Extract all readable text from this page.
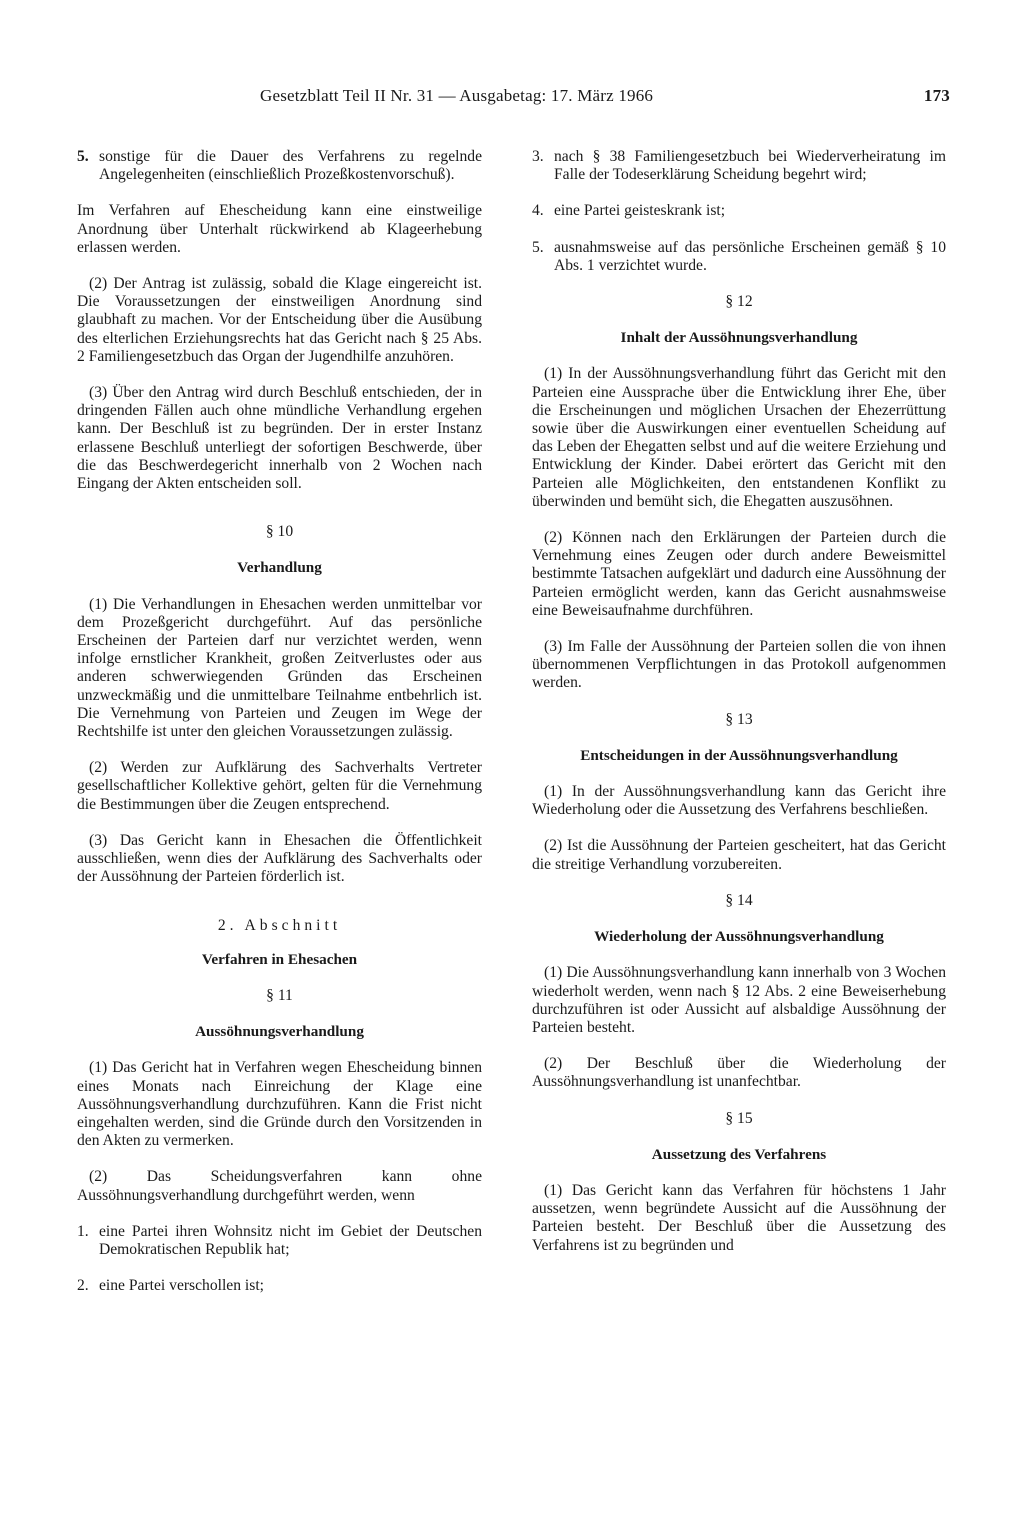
Gesetzblatt Teil II Nr. 31 — Ausgabetag: 17. März 1966	173
5. sonstige für die Dauer des Verfahrens zu regelnde Angelegenheiten (einschließlich Prozeßkostenvorschuß).

Im Verfahren auf Ehescheidung kann eine einstweilige Anordnung über Unterhalt rückwirkend ab Klageerhebung erlassen werden.

(2) Der Antrag ist zulässig, sobald die Klage eingereicht ist. Die Voraussetzungen der einstweiligen Anordnung sind glaubhaft zu machen. Vor der Entscheidung über die Ausübung des elterlichen Erziehungsrechts hat das Gericht nach § 25 Abs. 2 Familiengesetzbuch das Organ der Jugendhilfe anzuhören.

(3) Über den Antrag wird durch Beschluß entschieden, der in dringenden Fällen auch ohne mündliche Verhandlung ergehen kann. Der Beschluß ist zu begründen. Der in erster Instanz erlassene Beschluß unterliegt der sofortigen Beschwerde, über die das Beschwerdegericht innerhalb von 2 Wochen nach Eingang der Akten entscheiden soll.

§ 10
Verhandlung

(1) Die Verhandlungen in Ehesachen werden unmittelbar vor dem Prozeßgericht durchgeführt. Auf das persönliche Erscheinen der Parteien darf nur verzichtet werden, wenn infolge ernstlicher Krankheit, großen Zeitverlustes oder aus anderen schwerwiegenden Gründen das Erscheinen unzweckmäßig und die unmittelbare Teilnahme entbehrlich ist. Die Vernehmung von Parteien und Zeugen im Wege der Rechtshilfe ist unter den gleichen Voraussetzungen zulässig.

(2) Werden zur Aufklärung des Sachverhalts Vertreter gesellschaftlicher Kollektive gehört, gelten für die Vernehmung die Bestimmungen über die Zeugen entsprechend.

(3) Das Gericht kann in Ehesachen die Öffentlichkeit ausschließen, wenn dies der Aufklärung des Sachverhalts oder der Aussöhnung der Parteien förderlich ist.

2. Abschnitt
Verfahren in Ehesachen
§ 11
Aussöhnungsverhandlung

(1) Das Gericht hat in Verfahren wegen Ehescheidung binnen eines Monats nach Einreichung der Klage eine Aussöhnungsverhandlung durchzuführen. Kann die Frist nicht eingehalten werden, sind die Gründe durch den Vorsitzenden in den Akten zu vermerken.

(2) Das Scheidungsverfahren kann ohne Aussöhnungsverhandlung durchgeführt werden, wenn

1. eine Partei ihren Wohnsitz nicht im Gebiet der Deutschen Demokratischen Republik hat;
2. eine Partei verschollen ist;
3. nach § 38 Familiengesetzbuch bei Wiederverheiratung im Falle der Todeserklärung Scheidung begehrt wird;
4. eine Partei geisteskrank ist;
5. ausnahmsweise auf das persönliche Erscheinen gemäß § 10 Abs. 1 verzichtet wurde.
§ 12
Inhalt der Aussöhnungsverhandlung

(1) In der Aussöhnungsverhandlung führt das Gericht mit den Parteien eine Aussprache über die Entwicklung ihrer Ehe, über die Erscheinungen und möglichen Ursachen der Ehezerrüttung sowie über die Auswirkungen einer eventuellen Scheidung auf das Leben der Ehegatten selbst und auf die weitere Erziehung und Entwicklung der Kinder. Dabei erörtert das Gericht mit den Parteien alle Möglichkeiten, den entstandenen Konflikt zu überwinden und bemüht sich, die Ehegatten auszusöhnen.

(2) Können nach den Erklärungen der Parteien durch die Vernehmung eines Zeugen oder durch andere Beweismittel bestimmte Tatsachen aufgeklärt und dadurch eine Aussöhnung der Parteien ermöglicht werden, kann das Gericht ausnahmsweise eine Beweisaufnahme durchführen.

(3) Im Falle der Aussöhnung der Parteien sollen die von ihnen übernommenen Verpflichtungen in das Protokoll aufgenommen werden.

§ 13
Entscheidungen in der Aussöhnungsverhandlung

(1) In der Aussöhnungsverhandlung kann das Gericht ihre Wiederholung oder die Aussetzung des Verfahrens beschließen.

(2) Ist die Aussöhnung der Parteien gescheitert, hat das Gericht die streitige Verhandlung vorzubereiten.

§ 14
Wiederholung der Aussöhnungsverhandlung

(1) Die Aussöhnungsverhandlung kann innerhalb von 3 Wochen wiederholt werden, wenn nach § 12 Abs. 2 eine Beweiserhebung durchzuführen ist oder Aussicht auf alsbaldige Aussöhnung der Parteien besteht.

(2) Der Beschluß über die Wiederholung der Aussöhnungsverhandlung ist unanfechtbar.

§ 15
Aussetzung des Verfahrens

(1) Das Gericht kann das Verfahren für höchstens 1 Jahr aussetzen, wenn begründete Aussicht auf die Aussöhnung der Parteien besteht. Der Beschluß über die Aussetzung des Verfahrens ist zu begründen und
